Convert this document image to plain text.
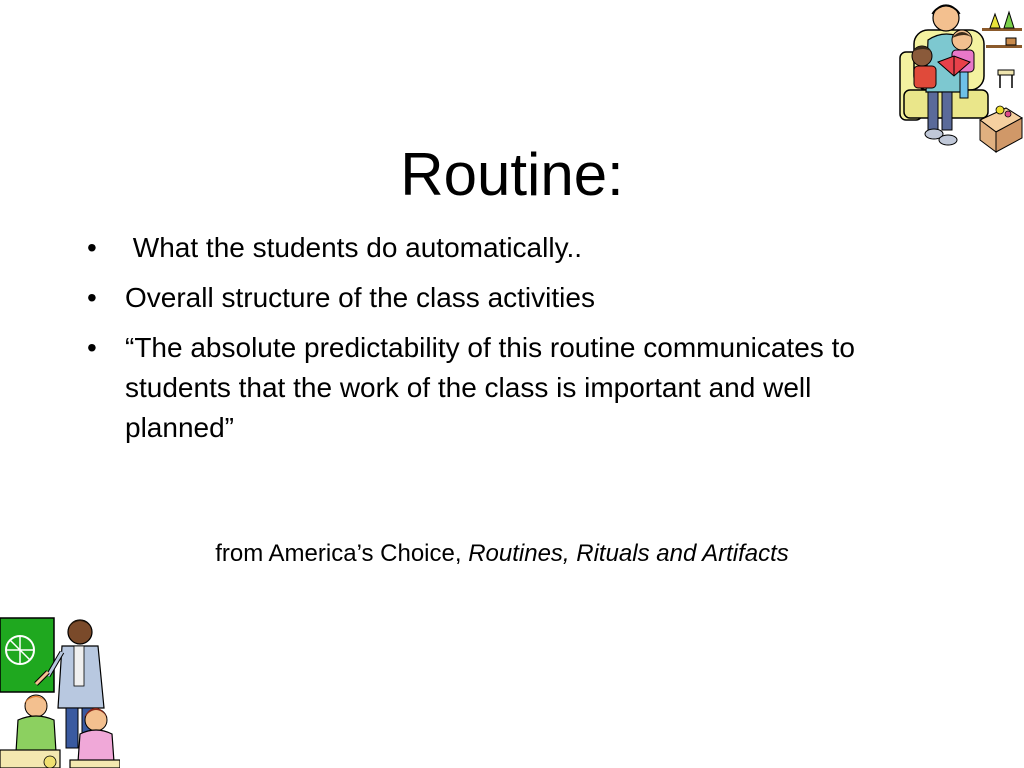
Routine:
• What the students do automatically..
• Overall structure of the class activities
• “The absolute predictability of this routine communicates to students that the work of the class is important and well planned”
from America’s Choice, Routines, Rituals and Artifacts
